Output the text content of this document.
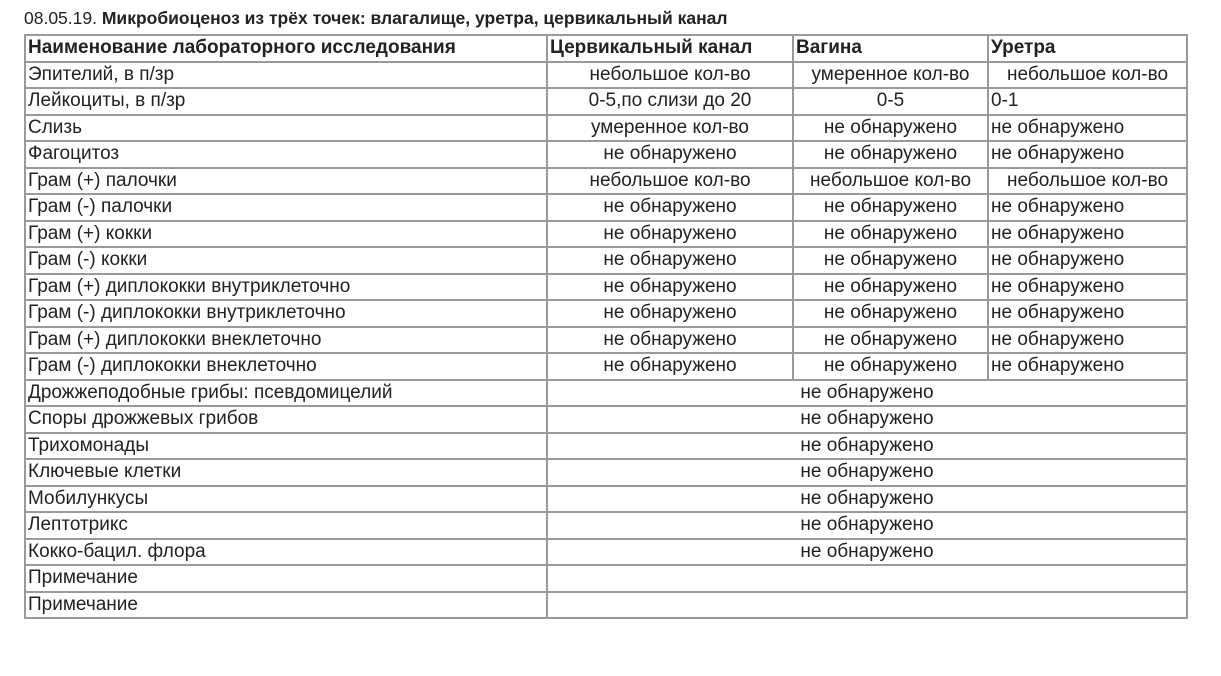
08.05.19. Микробиоценоз из трёх точек: влагалище, уретра, цервикальный канал
Наименование лабораторного исследования	Цервикальный канал	Вагина	Уретра
Эпителий, в п/зр	небольшое кол-во	умеренное кол-во	небольшое кол-во
Лейкоциты, в п/зр	0-5,по слизи до 20	0-5	0-1
Слизь	умеренное кол-во	не обнаружено	не обнаружено
Фагоцитоз	не обнаружено	не обнаружено	не обнаружено
Грам (+) палочки	небольшое кол-во	небольшое кол-во	небольшое кол-во
Грам (-) палочки	не обнаружено	не обнаружено	не обнаружено
Грам (+) кокки	не обнаружено	не обнаружено	не обнаружено
Грам (-) кокки	не обнаружено	не обнаружено	не обнаружено
Грам (+) диплококки внутриклеточно	не обнаружено	не обнаружено	не обнаружено
Грам (-) диплококки внутриклеточно	не обнаружено	не обнаружено	не обнаружено
Грам (+) диплококки внеклеточно	не обнаружено	не обнаружено	не обнаружено
Грам (-) диплококки внеклеточно	не обнаружено	не обнаружено	не обнаружено
Дрожжеподобные грибы: псевдомицелий	не обнаружено		
Споры дрожжевых грибов	не обнаружено		
Трихомонады	не обнаружено		
Ключевые клетки	не обнаружено		
Мобилункусы	не обнаружено		
Лептотрикс	не обнаружено		
Кокко-бацил. флора	не обнаружено		
Примечание			
Примечание			
